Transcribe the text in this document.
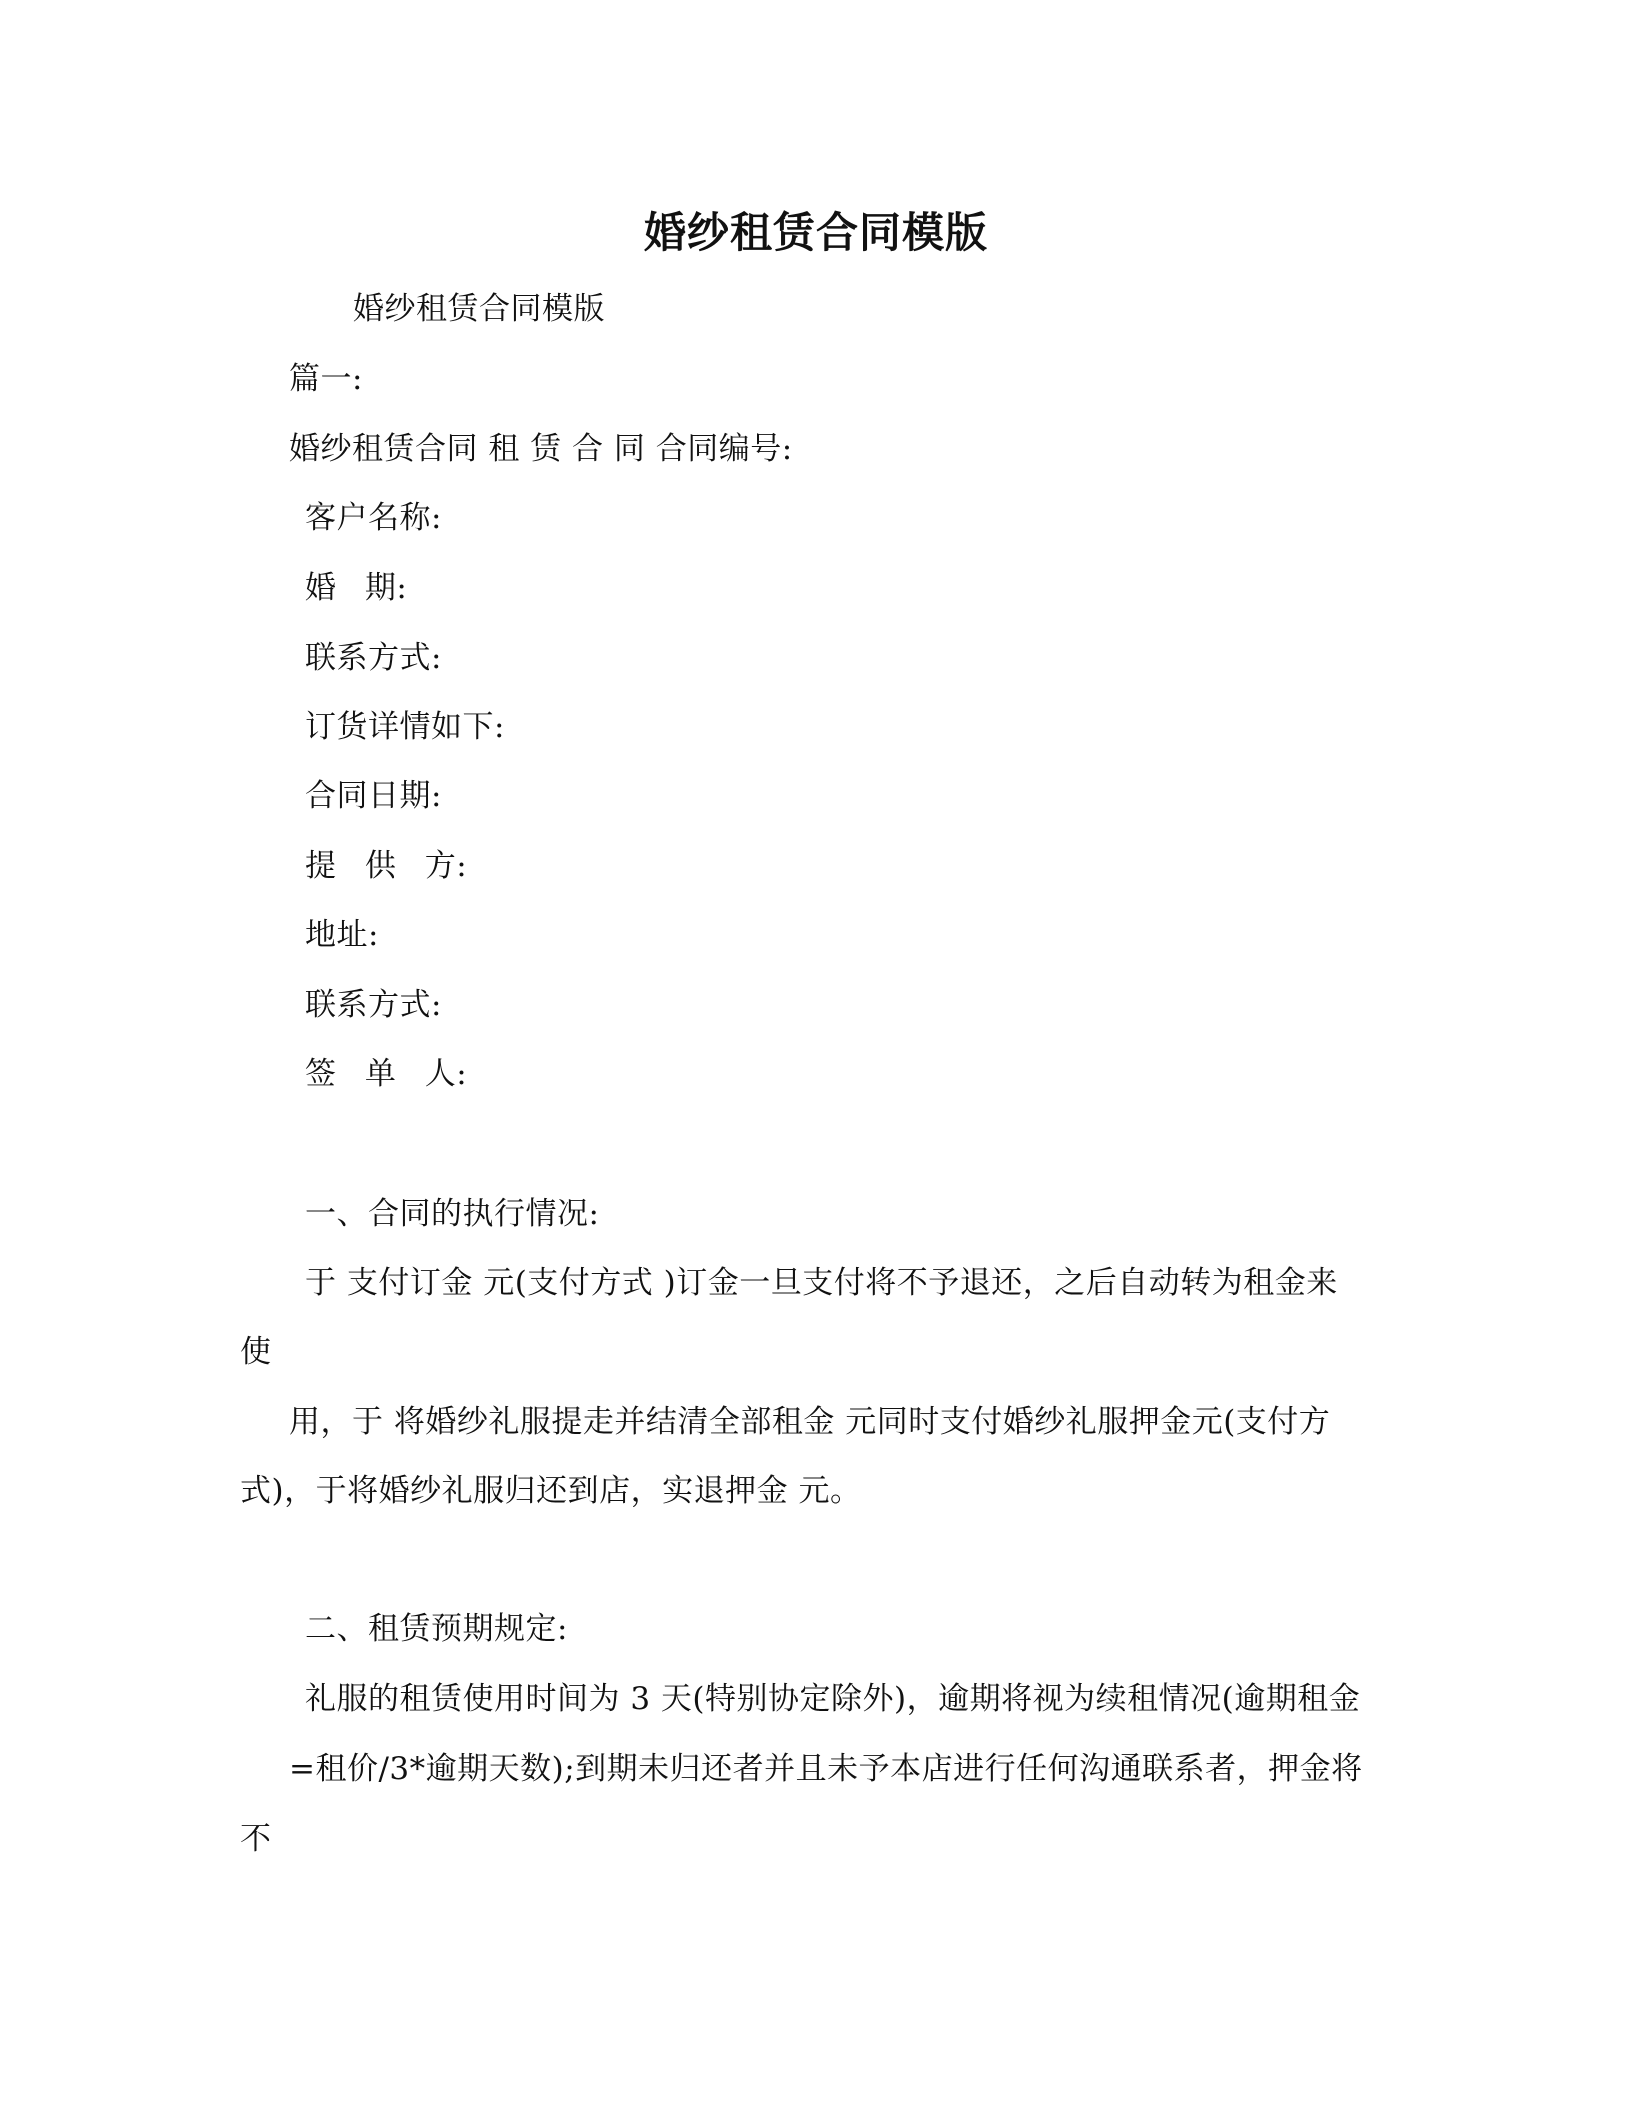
婚纱租赁合同模版
婚纱租赁合同模版
篇一:
婚纱租赁合同 租 赁 合 同 合同编号:
客户名称:
婚 期:
联系方式:
订货详情如下:
合同日期:
提 供 方:
地址:
联系方式:
签 单 人:
一、合同的执行情况:
于 支付订金 元(支付方式 )订金一旦支付将不予退还，之后自动转为租金来
使
用，于 将婚纱礼服提走并结清全部租金 元同时支付婚纱礼服押金元(支付方
式)，于将婚纱礼服归还到店，实退押金 元。
二、租赁预期规定:
礼服的租赁使用时间为 3 天(特别协定除外)，逾期将视为续租情况(逾期租金
=租价/3*逾期天数);到期未归还者并且未予本店进行任何沟通联系者，押金将
不
